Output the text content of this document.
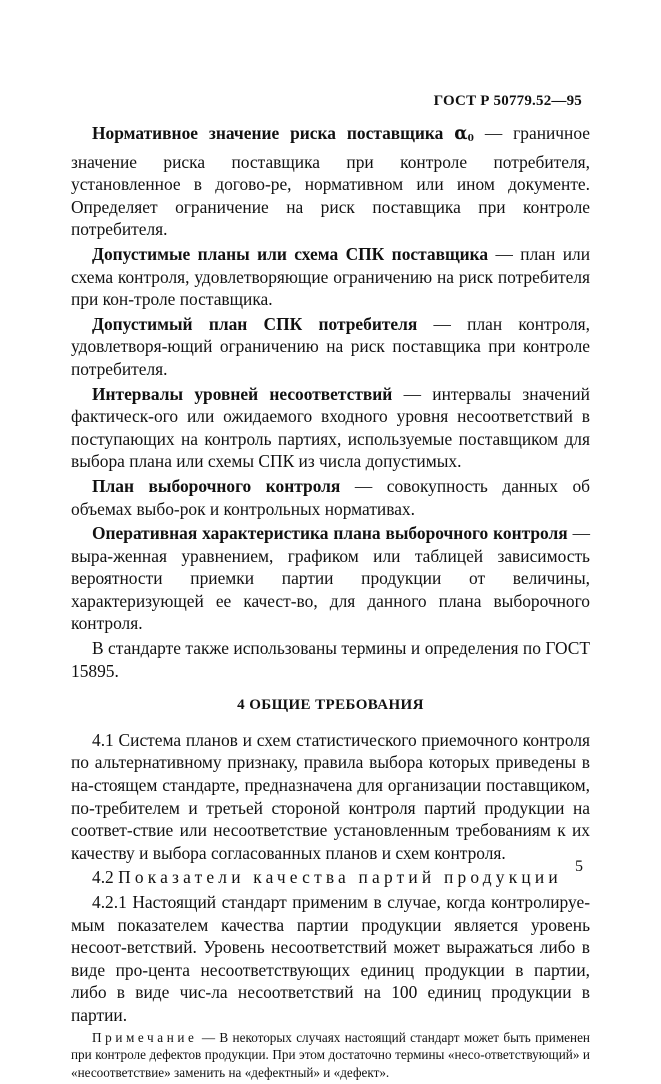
ГОСТ Р 50779.52—95

Нормативное значение риска поставщика $\alpha_0$ — граничное значение риска поставщика при контроле потребителя, установленное в догово-ре, нормативном или ином документе. Определяет ограничение на риск поставщика при контроле потребителя.

Допустимые планы или схема СПК поставщика — план или схема контроля, удовлетворяющие ограничению на риск потребителя при кон-троле поставщика.

Допустимый план СПК потребителя — план контроля, удовлетворя-ющий ограничению на риск поставщика при контроле потребителя.

Интервалы уровней несоответствий — интервалы значений фактическ-ого или ожидаемого входного уровня несоответствий в поступающих на контроль партиях, используемые поставщиком для выбора плана или схемы СПК из числа допустимых.

План выборочного контроля — совокупность данных об объемах выбо-рок и контрольных нормативах.

Оперативная характеристика плана выборочного контроля — выра-женная уравнением, графиком или таблицей зависимость вероятности приемки партии продукции от величины, характеризующей ее качест-во, для данного плана выборочного контроля.

В стандарте также использованы термины и определения по ГОСТ 15895.

4 ОБЩИЕ ТРЕБОВАНИЯ

4.1 Система планов и схем статистического приемочного контроля по альтернативному признаку, правила выбора которых приведены в на-стоящем стандарте, предназначена для организации поставщиком, по-требителем и третьей стороной контроля партий продукции на соответ-ствие или несоответствие установленным требованиям к их качеству и выбора согласованных планов и схем контроля.

4.2 Показатели качества партий продукции

4.2.1 Настоящий стандарт применим в случае, когда контролируе-мым показателем качества партии продукции является уровень несоот-ветствий. Уровень несоответствий может выражаться либо в виде про-цента несоответствующих единиц продукции в партии, либо в виде чис-ла несоответствий на 100 единиц продукции в партии.

Примечание — В некоторых случаях настоящий стандарт может быть применен при контроле дефектов продукции. При этом достаточно термины «несо-ответствующий» и «несоответствие» заменить на «дефектный» и «дефект».

5
